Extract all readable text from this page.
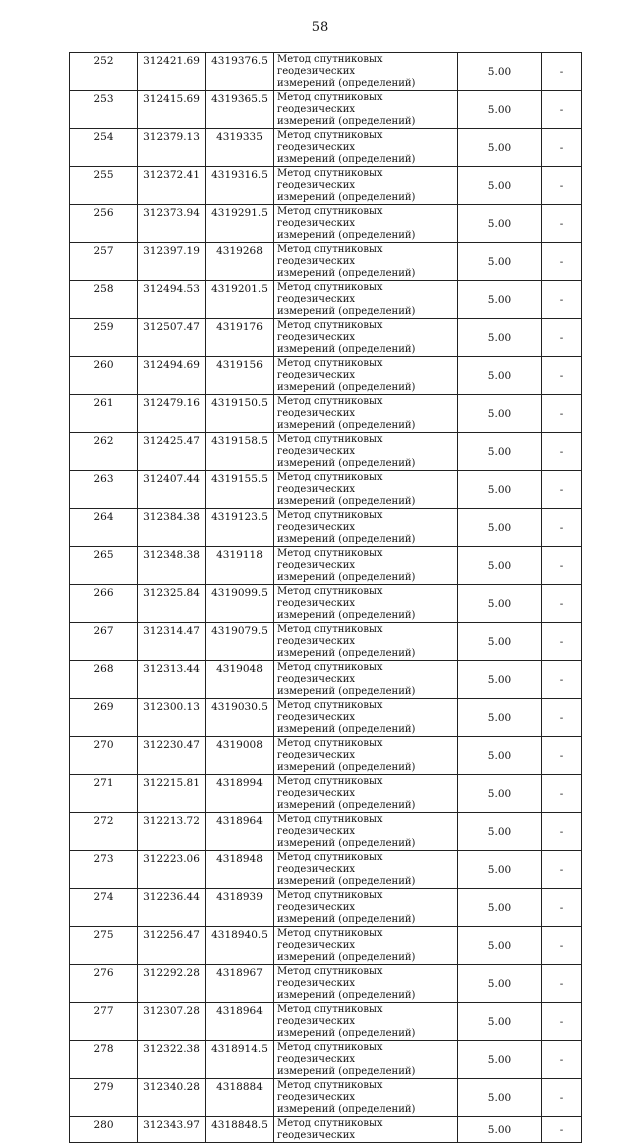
58
252	312421.69	4319376.5	Метод спутниковых геодезических
измерений (определений)	5.00	-
253	312415.69	4319365.5	Метод спутниковых геодезических
измерений (определений)	5.00	-
254	312379.13	4319335	Метод спутниковых геодезических
измерений (определений)	5.00	-
255	312372.41	4319316.5	Метод спутниковых геодезических
измерений (определений)	5.00	-
256	312373.94	4319291.5	Метод спутниковых геодезических
измерений (определений)	5.00	-
257	312397.19	4319268	Метод спутниковых геодезических
измерений (определений)	5.00	-
258	312494.53	4319201.5	Метод спутниковых геодезических
измерений (определений)	5.00	-
259	312507.47	4319176	Метод спутниковых геодезических
измерений (определений)	5.00	-
260	312494.69	4319156	Метод спутниковых геодезических
измерений (определений)	5.00	-
261	312479.16	4319150.5	Метод спутниковых геодезических
измерений (определений)	5.00	-
262	312425.47	4319158.5	Метод спутниковых геодезических
измерений (определений)	5.00	-
263	312407.44	4319155.5	Метод спутниковых геодезических
измерений (определений)	5.00	-
264	312384.38	4319123.5	Метод спутниковых геодезических
измерений (определений)	5.00	-
265	312348.38	4319118	Метод спутниковых геодезических
измерений (определений)	5.00	-
266	312325.84	4319099.5	Метод спутниковых геодезических
измерений (определений)	5.00	-
267	312314.47	4319079.5	Метод спутниковых геодезических
измерений (определений)	5.00	-
268	312313.44	4319048	Метод спутниковых геодезических
измерений (определений)	5.00	-
269	312300.13	4319030.5	Метод спутниковых геодезических
измерений (определений)	5.00	-
270	312230.47	4319008	Метод спутниковых геодезических
измерений (определений)	5.00	-
271	312215.81	4318994	Метод спутниковых геодезических
измерений (определений)	5.00	-
272	312213.72	4318964	Метод спутниковых геодезических
измерений (определений)	5.00	-
273	312223.06	4318948	Метод спутниковых геодезических
измерений (определений)	5.00	-
274	312236.44	4318939	Метод спутниковых геодезических
измерений (определений)	5.00	-
275	312256.47	4318940.5	Метод спутниковых геодезических
измерений (определений)	5.00	-
276	312292.28	4318967	Метод спутниковых геодезических
измерений (определений)	5.00	-
277	312307.28	4318964	Метод спутниковых геодезических
измерений (определений)	5.00	-
278	312322.38	4318914.5	Метод спутниковых геодезических
измерений (определений)	5.00	-
279	312340.28	4318884	Метод спутниковых геодезических
измерений (определений)	5.00	-
280	312343.97	4318848.5	Метод спутниковых геодезических	5.00	-
